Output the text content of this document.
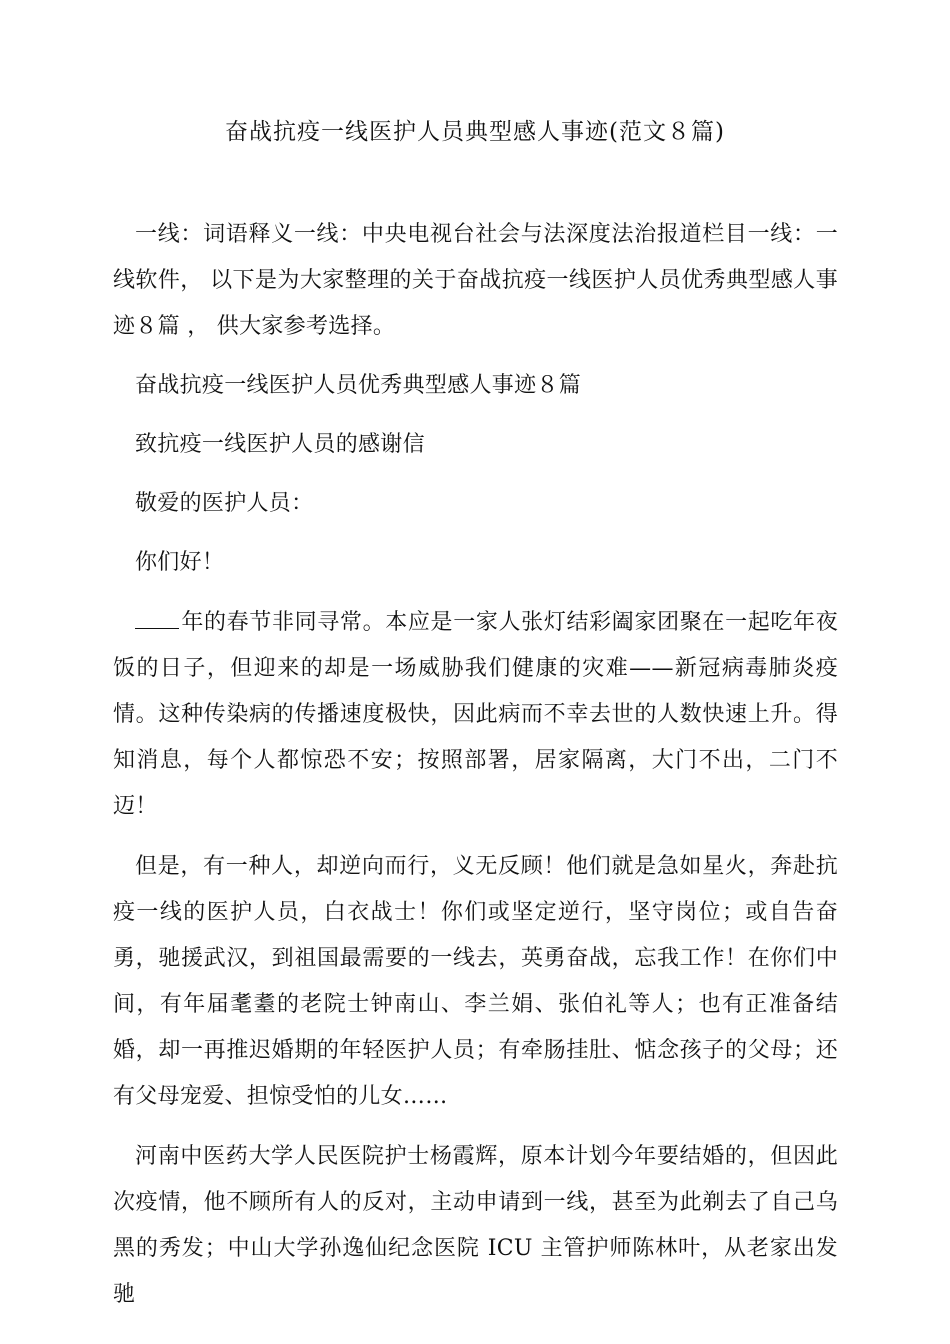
奋战抗疫一线医护人员典型感人事迹(范文８篇)

一线：词语释义一线：中央电视台社会与法深度法治报道栏目一线：一线软件， 以下是为大家整理的关于奋战抗疫一线医护人员优秀典型感人事迹８篇 ， 供大家参考选择。

奋战抗疫一线医护人员优秀典型感人事迹８篇

致抗疫一线医护人员的感谢信

敬爱的医护人员：

你们好！

年的春节非同寻常。本应是一家人张灯结彩阖家团聚在一起吃年夜饭的日子，但迎来的却是一场威胁我们健康的灾难——新冠病毒肺炎疫情。这种传染病的传播速度极快，因此病而不幸去世的人数快速上升。得知消息，每个人都惊恐不安；按照部署，居家隔离，大门不出，二门不迈！

但是，有一种人，却逆向而行，义无反顾！他们就是急如星火，奔赴抗疫一线的医护人员，白衣战士！你们或坚定逆行，坚守岗位；或自告奋勇，驰援武汉，到祖国最需要的一线去，英勇奋战，忘我工作！在你们中间，有年届耄耋的老院士钟南山、李兰娟、张伯礼等人；也有正准备结婚，却一再推迟婚期的年轻医护人员；有牵肠挂肚、惦念孩子的父母；还有父母宠爱、担惊受怕的儿女……

河南中医药大学人民医院护士杨霞辉，原本计划今年要结婚的，但因此次疫情，他不顾所有人的反对，主动申请到一线，甚至为此剃去了自己乌黑的秀发；中山大学孙逸仙纪念医院 ICU 主管护师陈林叶，从老家出发驰
